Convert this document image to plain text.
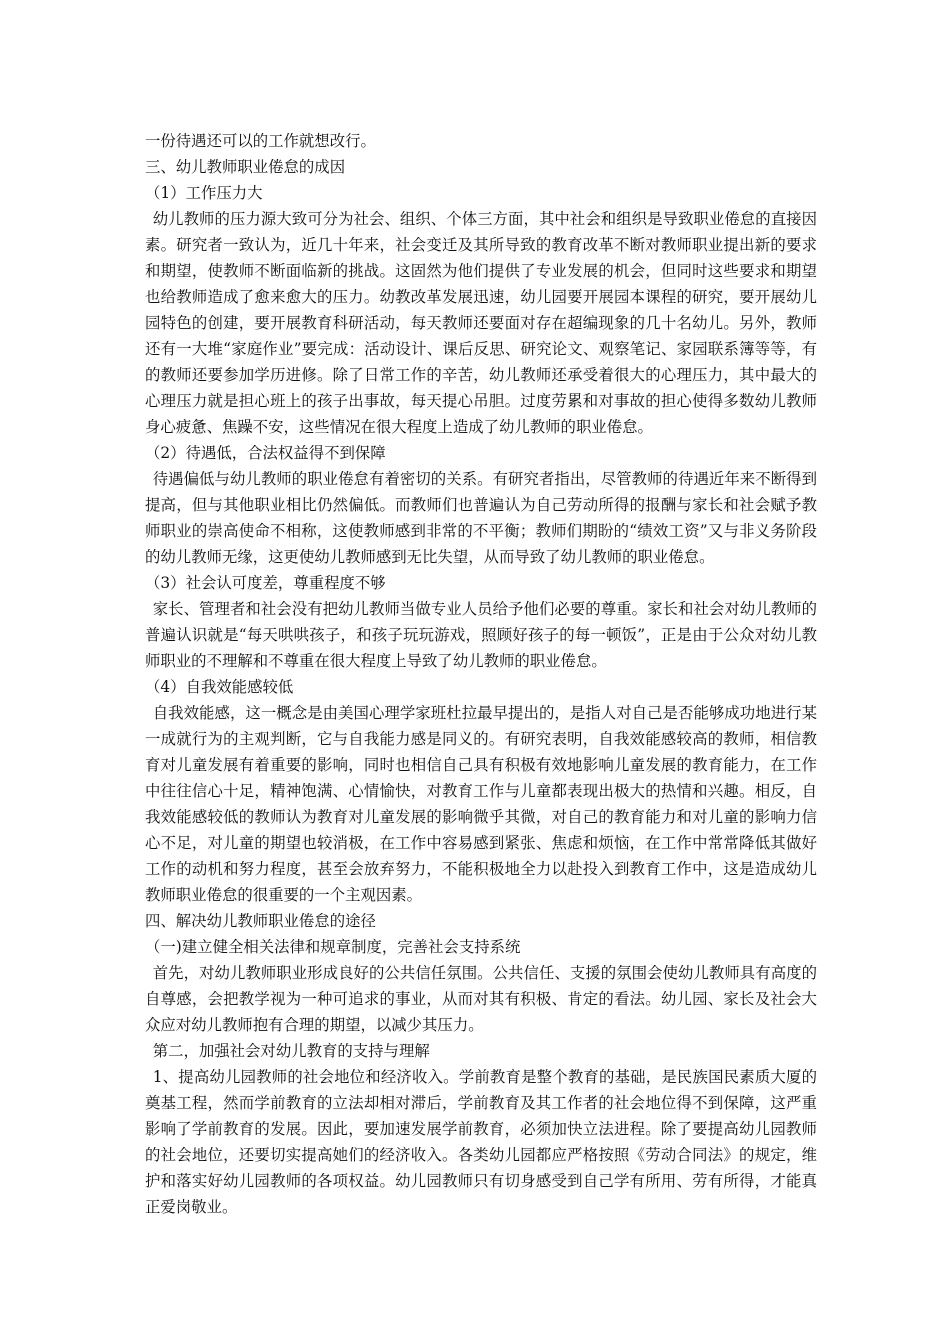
一份待遇还可以的工作就想改行。

三、幼儿教师职业倦怠的成因

（1）工作压力大

幼儿教师的压力源大致可分为社会、组织、个体三方面，其中社会和组织是导致职业倦怠的直接因素。研究者一致认为，近几十年来，社会变迁及其所导致的教育改革不断对教师职业提出新的要求和期望，使教师不断面临新的挑战。这固然为他们提供了专业发展的机会，但同时这些要求和期望也给教师造成了愈来愈大的压力。幼教改革发展迅速，幼儿园要开展园本课程的研究，要开展幼儿园特色的创建，要开展教育科研活动，每天教师还要面对存在超编现象的几十名幼儿。另外，教师还有一大堆“家庭作业”要完成：活动设计、课后反思、研究论文、观察笔记、家园联系簿等等，有的教师还要参加学历进修。除了日常工作的辛苦，幼儿教师还承受着很大的心理压力，其中最大的心理压力就是担心班上的孩子出事故，每天提心吊胆。过度劳累和对事故的担心使得多数幼儿教师身心疲惫、焦躁不安，这些情况在很大程度上造成了幼儿教师的职业倦怠。

（2）待遇低，合法权益得不到保障

待遇偏低与幼儿教师的职业倦怠有着密切的关系。有研究者指出，尽管教师的待遇近年来不断得到提高，但与其他职业相比仍然偏低。而教师们也普遍认为自己劳动所得的报酬与家长和社会赋予教师职业的崇高使命不相称，这使教师感到非常的不平衡；教师们期盼的“绩效工资”又与非义务阶段的幼儿教师无缘，这更使幼儿教师感到无比失望，从而导致了幼儿教师的职业倦怠。

（3）社会认可度差，尊重程度不够

家长、管理者和社会没有把幼儿教师当做专业人员给予他们必要的尊重。家长和社会对幼儿教师的普遍认识就是“每天哄哄孩子，和孩子玩玩游戏，照顾好孩子的每一顿饭”，正是由于公众对幼儿教师职业的不理解和不尊重在很大程度上导致了幼儿教师的职业倦怠。

（4）自我效能感较低

自我效能感，这一概念是由美国心理学家班杜拉最早提出的，是指人对自己是否能够成功地进行某一成就行为的主观判断，它与自我能力感是同义的。有研究表明，自我效能感较高的教师，相信教育对儿童发展有着重要的影响，同时也相信自己具有积极有效地影响儿童发展的教育能力，在工作中往往信心十足，精神饱满、心情愉快，对教育工作与儿童都表现出极大的热情和兴趣。相反，自我效能感较低的教师认为教育对儿童发展的影响微乎其微，对自己的教育能力和对儿童的影响力信心不足，对儿童的期望也较消极，在工作中容易感到紧张、焦虑和烦恼，在工作中常常降低其做好工作的动机和努力程度，甚至会放弃努力，不能积极地全力以赴投入到教育工作中，这是造成幼儿教师职业倦怠的很重要的一个主观因素。

四、解决幼儿教师职业倦怠的途径

（一)建立健全相关法律和规章制度，完善社会支持系统

首先，对幼儿教师职业形成良好的公共信任氛围。公共信任、支援的氛围会使幼儿教师具有高度的自尊感，会把教学视为一种可追求的事业，从而对其有积极、肯定的看法。幼儿园、家长及社会大众应对幼儿教师抱有合理的期望，以减少其压力。

第二，加强社会对幼儿教育的支持与理解

1、提高幼儿园教师的社会地位和经济收入。学前教育是整个教育的基础，是民族国民素质大厦的奠基工程，然而学前教育的立法却相对滞后，学前教育及其工作者的社会地位得不到保障，这严重影响了学前教育的发展。因此，要加速发展学前教育，必须加快立法进程。除了要提高幼儿园教师的社会地位，还要切实提高她们的经济收入。各类幼儿园都应严格按照《劳动合同法》的规定，维护和落实好幼儿园教师的各项权益。幼儿园教师只有切身感受到自己学有所用、劳有所得，才能真正爱岗敬业。
